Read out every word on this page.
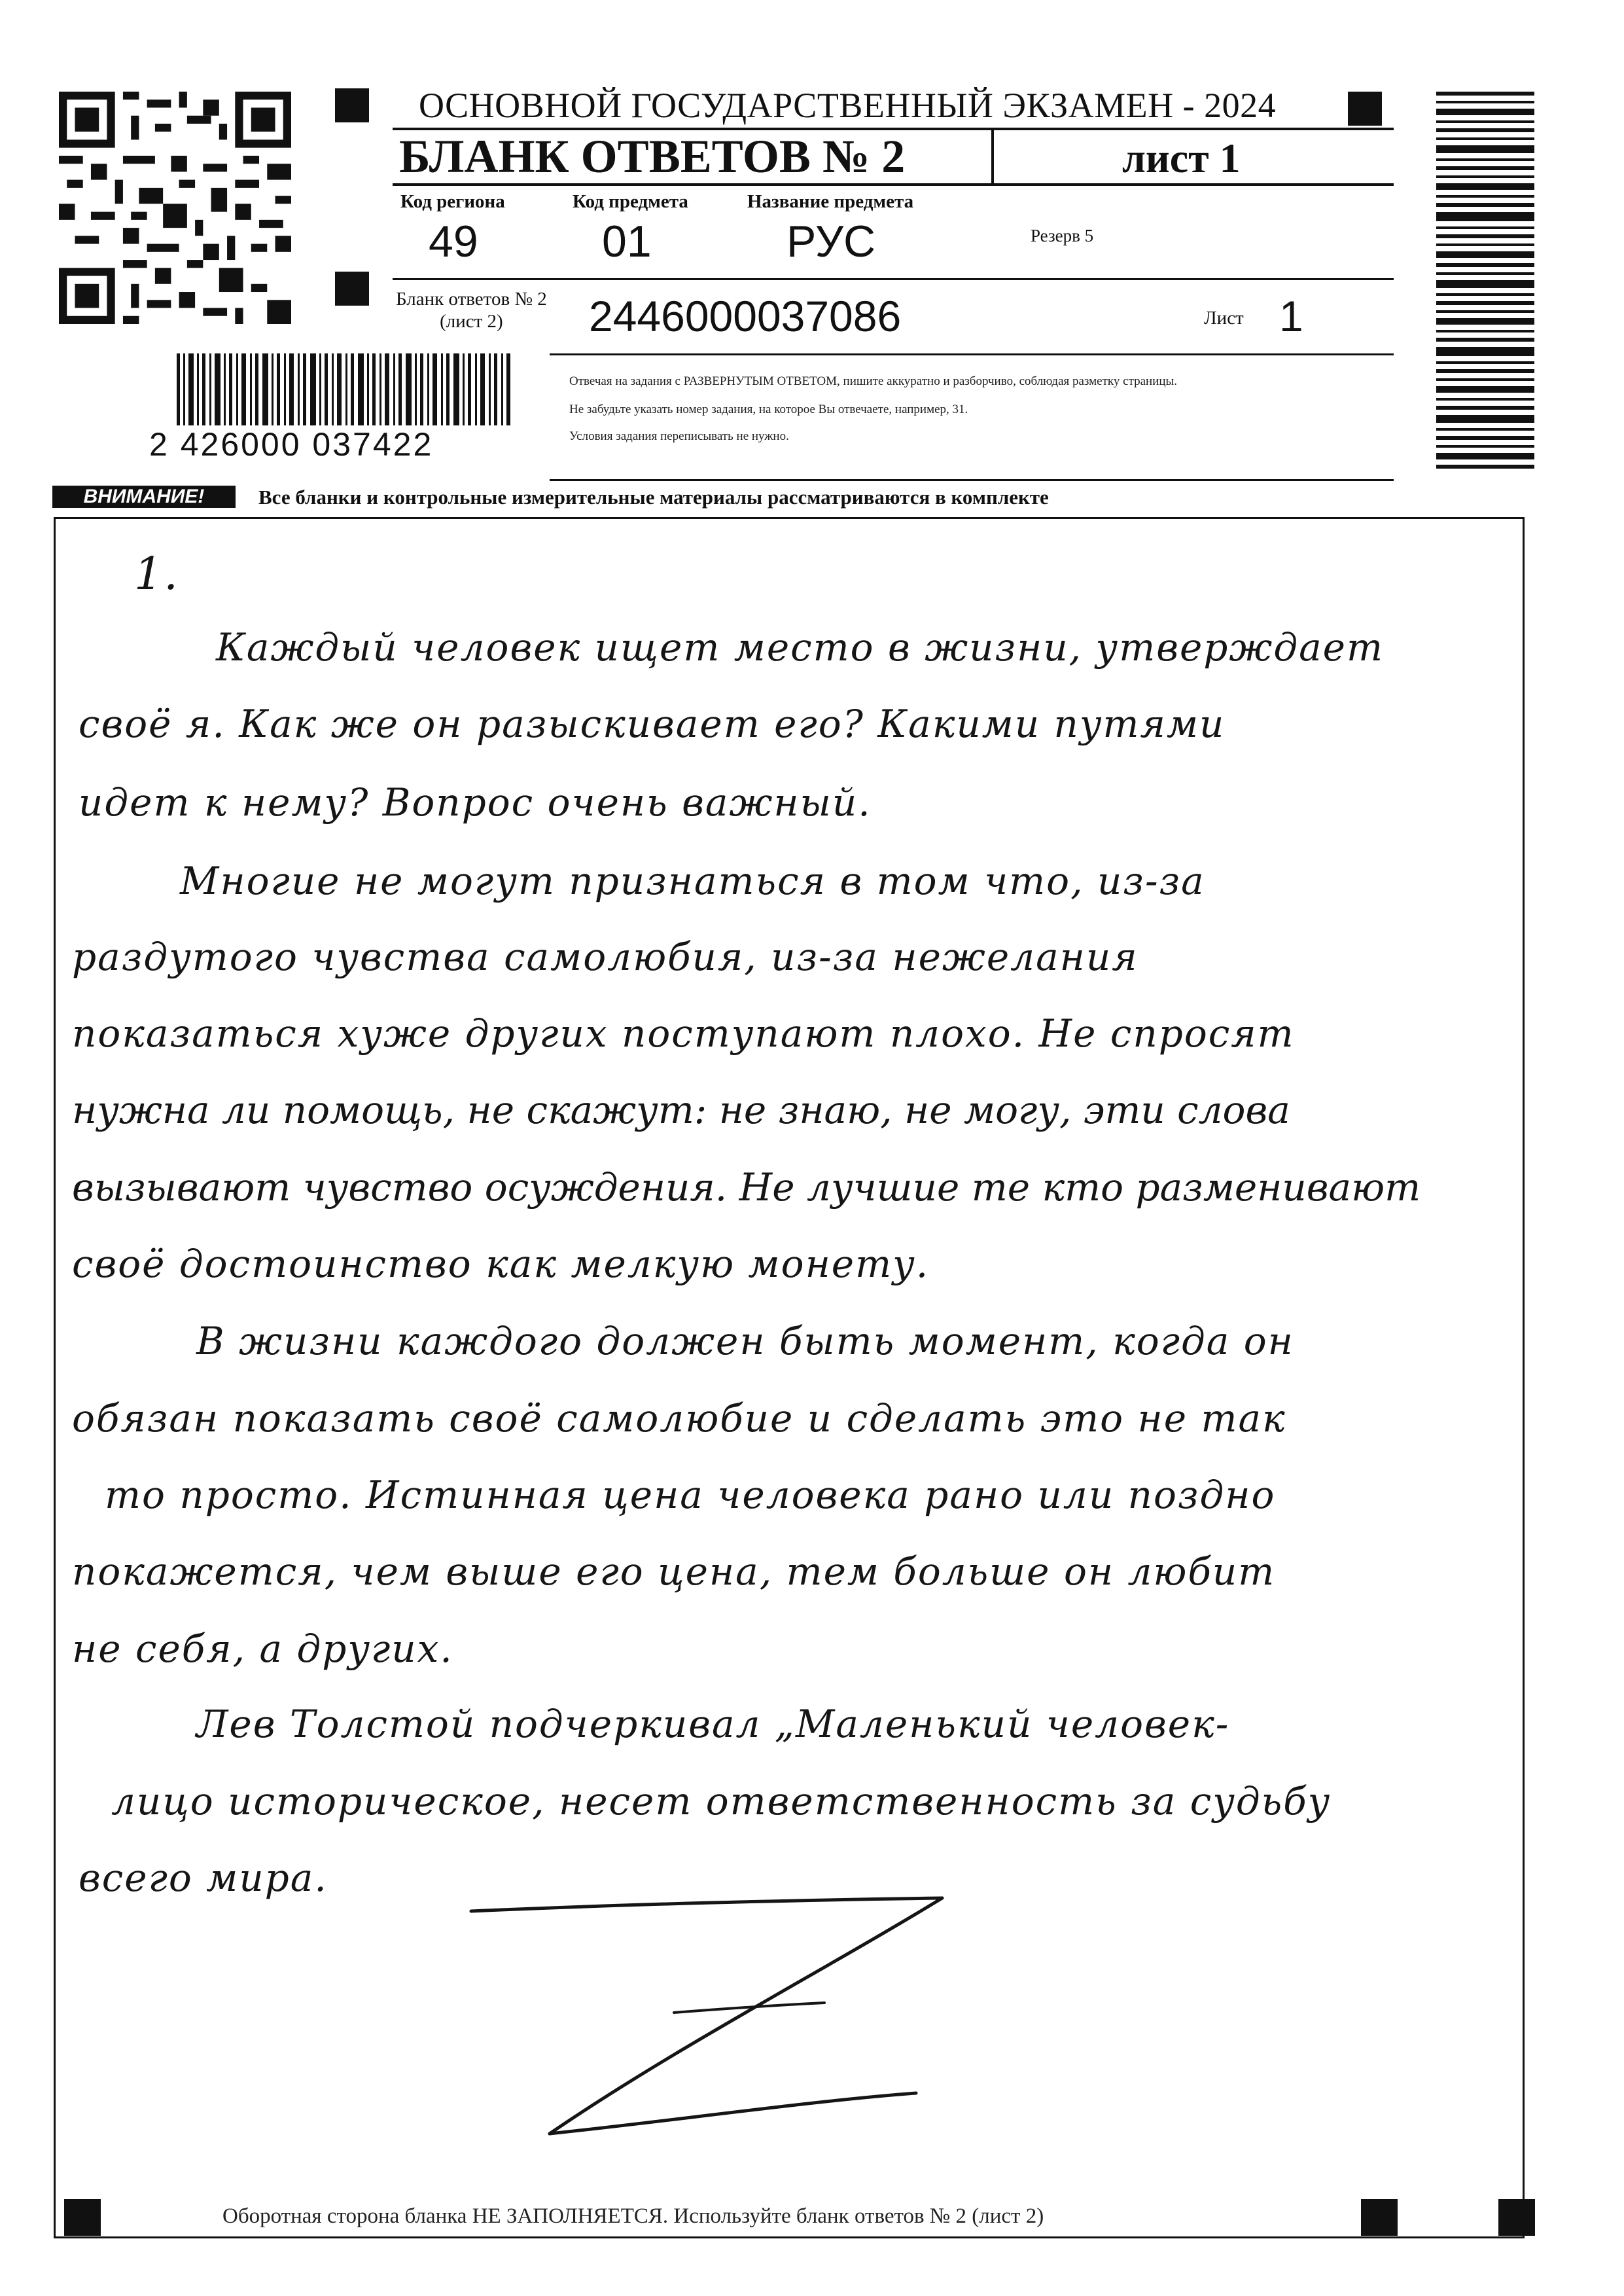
ОСНОВНОЙ ГОСУДАРСТВЕННЫЙ ЭКЗАМЕН - 2024
БЛАНК ОТВЕТОВ № 2	лист 1
Код региона	Код предмета	Название предмета
49	01	РУС	Резерв 5
Бланк ответов № 2
(лист 2)	2446000037086	Лист 1
Отвечая на задания с РАЗВЕРНУТЫМ ОТВЕТОМ, пишите аккуратно и разборчиво, соблюдая разметку страницы.
Не забудьте указать номер задания, на которое Вы отвечаете, например, 31.
Условия задания переписывать не нужно.
2 426000 037422
ВНИМАНИЕ!	Все бланки и контрольные измерительные материалы рассматриваются в комплекте
1.
Каждый человек ищет место в жизни, утверждает
своё я. Как же он разыскивает его? Какими путями
идет к нему? Вопрос очень важный.
Многие не могут признаться в том что, из-за
раздутого чувства самолюбия, из-за нежелания
показаться хуже других поступают плохо. Не спросят
нужна ли помощь, не скажут: не знаю, не могу, эти слова
вызывают чувство осуждения. Не лучшие те кто разменивают
своё достоинство как мелкую монету.
В жизни каждого должен быть момент, когда он
обязан показать своё самолюбие и сделать это не так
то просто. Истинная цена человека рано или поздно
покажется, чем выше его цена, тем больше он любит
не себя, а других.
Лев Толстой подчеркивал „Маленький человек-
лицо историческое, несет ответственность за судьбу
всего мира.
Оборотная сторона бланка НЕ ЗАПОЛНЯЕТСЯ. Используйте бланк ответов № 2 (лист 2)
